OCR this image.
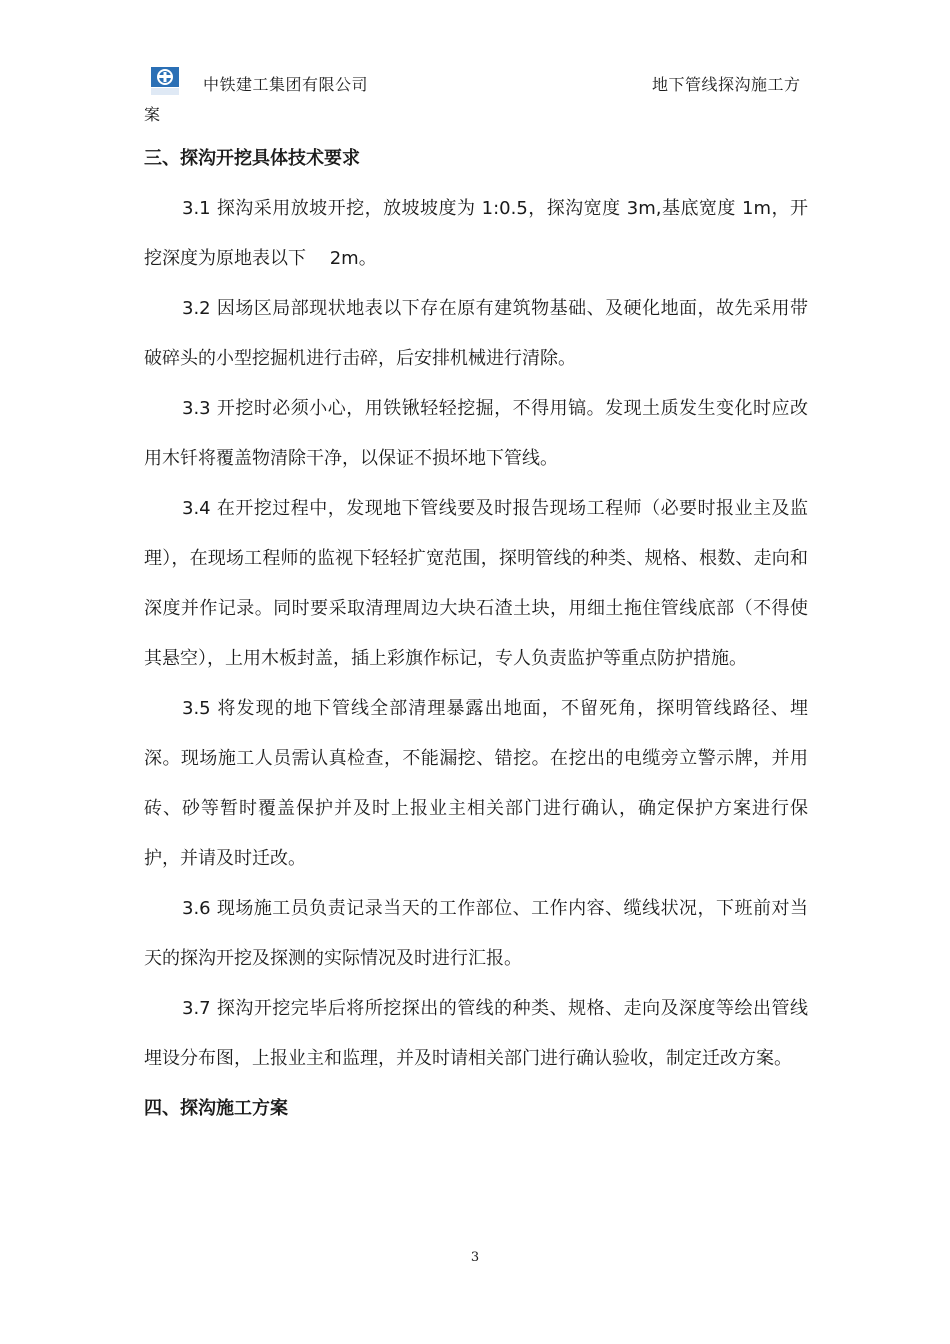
中铁建工集团有限公司	地下管线探沟施工方
案

三、探沟开挖具体技术要求

3.1 探沟采用放坡开挖，放坡坡度为 1:0.5，探沟宽度 3m,基底宽度 1m，开挖深度为原地表以下　 2m。

3.2 因场区局部现状地表以下存在原有建筑物基础、及硬化地面，故先采用带破碎头的小型挖掘机进行击碎，后安排机械进行清除。

3.3 开挖时必须小心，用铁锹轻轻挖掘，不得用镐。发现土质发生变化时应改用木钎将覆盖物清除干净，以保证不损坏地下管线。

3.4 在开挖过程中，发现地下管线要及时报告现场工程师（必要时报业主及监理），在现场工程师的监视下轻轻扩宽范围，探明管线的种类、规格、根数、走向和深度并作记录。同时要采取清理周边大块石渣土块，用细土拖住管线底部（不得使其悬空），上用木板封盖，插上彩旗作标记，专人负责监护等重点防护措施。

3.5 将发现的地下管线全部清理暴露出地面，不留死角，探明管线路径、埋深。现场施工人员需认真检查，不能漏挖、错挖。在挖出的电缆旁立警示牌，并用砖、砂等暂时覆盖保护并及时上报业主相关部门进行确认，确定保护方案进行保护，并请及时迁改。

3.6 现场施工员负责记录当天的工作部位、工作内容、缆线状况，下班前对当天的探沟开挖及探测的实际情况及时进行汇报。

3.7 探沟开挖完毕后将所挖探出的管线的种类、规格、走向及深度等绘出管线埋设分布图，上报业主和监理，并及时请相关部门进行确认验收，制定迁改方案。

四、探沟施工方案

3
